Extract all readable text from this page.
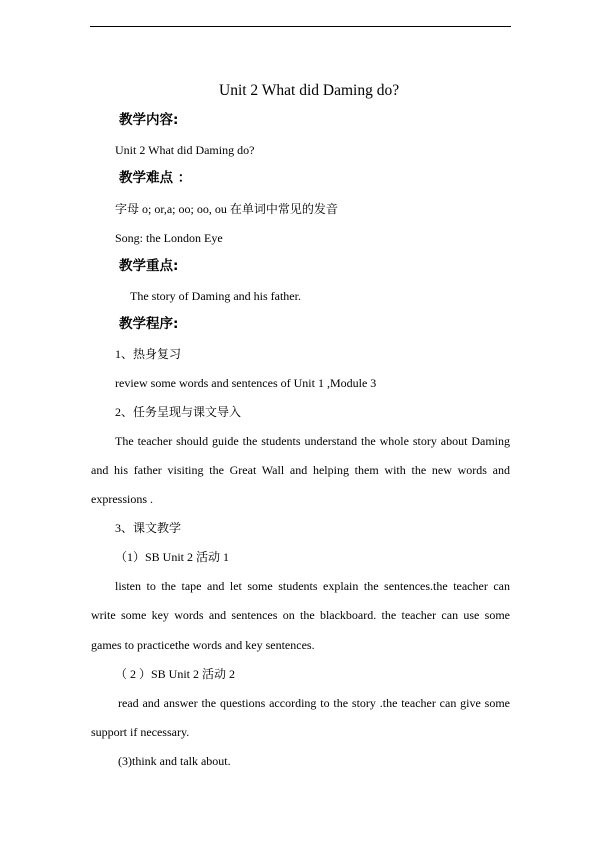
Unit 2 What did Daming do?
教学内容:
Unit 2 What did Daming do?
教学难点 ：
字母 o; or,a; oo; oo, ou 在单词中常见的发音
Song: the London Eye
教学重点:
The story of Daming and his father.
教学程序:
1、热身复习
review some words and sentences of Unit 1 ,Module 3
2、任务呈现与课文导入
The teacher should guide the students understand the whole story about Daming
and his father visiting the Great Wall and helping them with the new words and
expressions .
3、课文教学
（1）SB Unit 2 活动 1
listen to the tape and let some students explain the sentences.the teacher can
write some key words and sentences on the blackboard. the teacher can use some
games to practicethe words and key sentences.
（ 2 ）SB Unit 2 活动 2
read and answer the questions according to the story .the teacher can give some
support if necessary.
(3)think and talk about.
